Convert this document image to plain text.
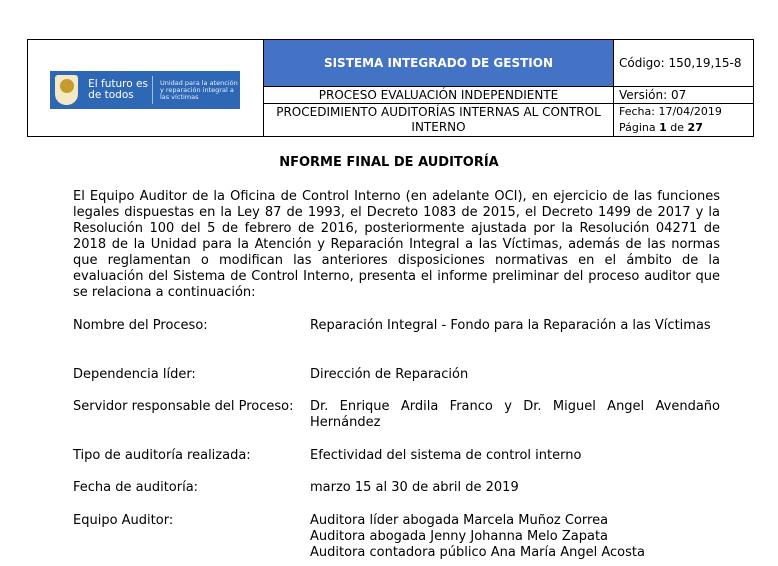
El futuro es de todos
Unidad para la atención y reparación integral a las víctimas	SISTEMA INTEGRADO DE GESTION	Código: 150,19,15-8
	PROCESO EVALUACIÓN INDEPENDIENTE	Versión: 07
	PROCEDIMIENTO AUDITORÍAS INTERNAS AL CONTROL INTERNO	Fecha: 17/04/2019
Página 1 de 27
NFORME FINAL DE AUDITORÍA
El Equipo Auditor de la Oficina de Control Interno (en adelante OCI), en ejercicio de las funciones legales dispuestas en la Ley 87 de 1993, el Decreto 1083 de 2015, el Decreto 1499 de 2017 y la Resolución 100 del 5 de febrero de 2016, posteriormente ajustada por la Resolución 04271 de 2018 de la Unidad para la Atención y Reparación Integral a las Víctimas, además de las normas que reglamentan o modifican las anteriores disposiciones normativas en el ámbito de la evaluación del Sistema de Control Interno, presenta el informe preliminar del proceso auditor que se relaciona a continuación:
Nombre del Proceso:	Reparación Integral - Fondo para la Reparación a las Víctimas
Dependencia líder:	Dirección de Reparación
Servidor responsable del Proceso:	Dr. Enrique Ardila Franco y Dr. Miguel Angel Avendaño Hernández
Tipo de auditoría realizada:	Efectividad del sistema de control interno
Fecha de auditoría:	marzo 15 al 30 de abril de 2019
Equipo Auditor:	Auditora líder abogada Marcela Muñoz Correa
Auditora abogada Jenny Johanna Melo Zapata
Auditora contadora público Ana María Angel Acosta
